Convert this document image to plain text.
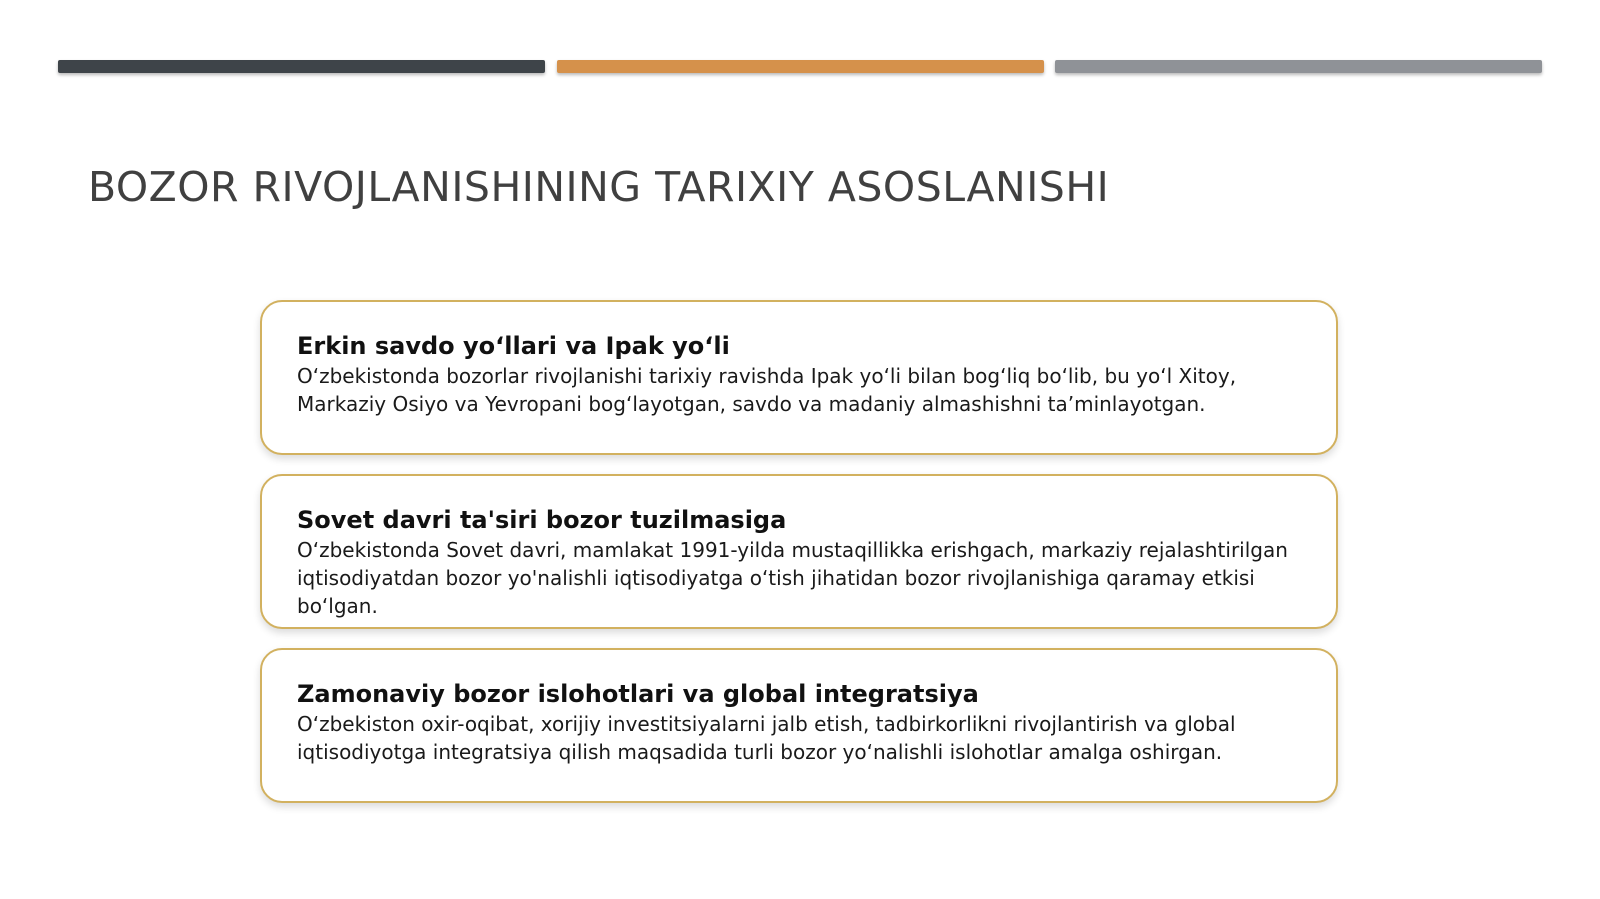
BOZOR RIVOJLANISHINING TARIXIY ASOSLANISHI
Erkin savdo yo‘llari va Ipak yo‘li

O‘zbekistonda bozorlar rivojlanishi tarixiy ravishda Ipak yo‘li bilan bog‘liq bo‘lib, bu yo‘l Xitoy, Markaziy Osiyo va Yevropani bog‘layotgan, savdo va madaniy almashishni ta’minlayotgan.

Sovet davri ta'siri bozor tuzilmasiga

O‘zbekistonda Sovet davri, mamlakat 1991-yilda mustaqillikka erishgach, markaziy rejalashtirilgan iqtisodiyatdan bozor yo'nalishli iqtisodiyatga o‘tish jihatidan bozor rivojlanishiga qaramay etkisi bo‘lgan.

Zamonaviy bozor islohotlari va global integratsiya

O‘zbekiston oxir-oqibat, xorijiy investitsiyalarni jalb etish, tadbirkorlikni rivojlantirish va global iqtisodiyotga integratsiya qilish maqsadida turli bozor yo‘nalishli islohotlar amalga oshirgan.
